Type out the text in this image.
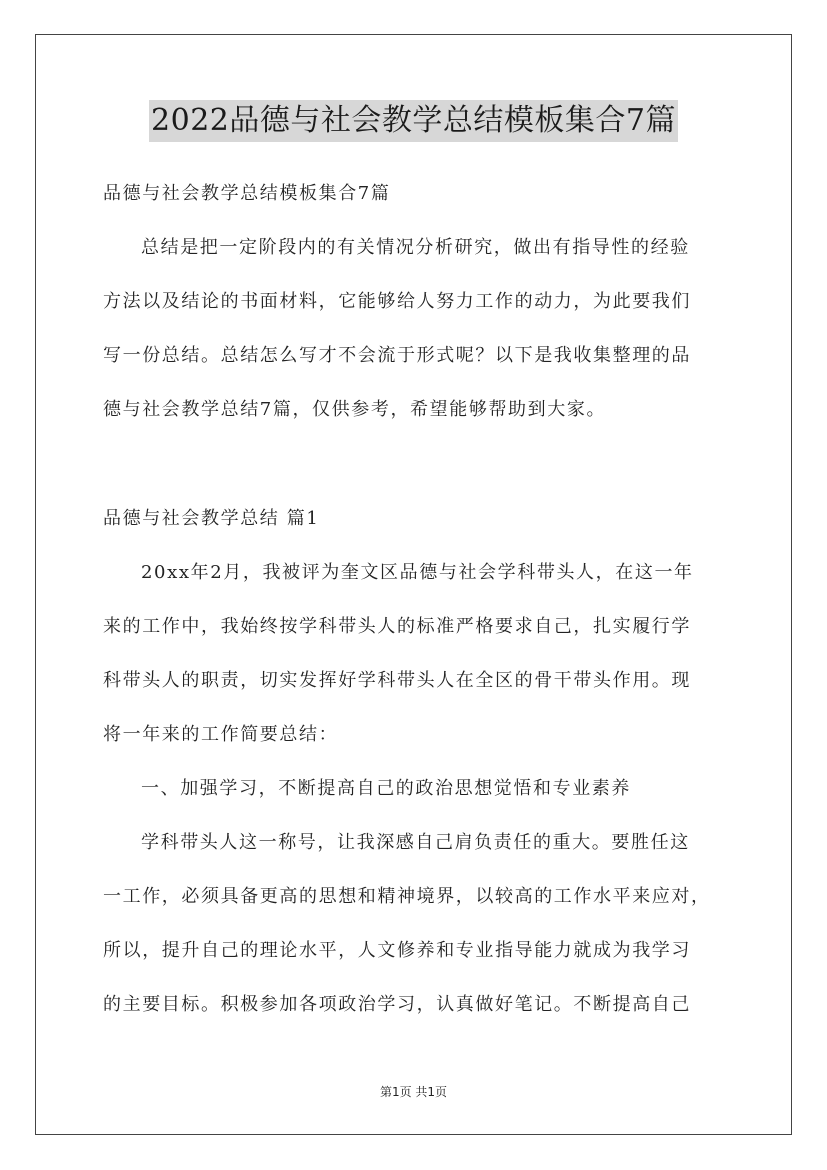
2022品德与社会教学总结模板集合7篇
品德与社会教学总结模板集合7篇
总结是把一定阶段内的有关情况分析研究，做出有指导性的经验
方法以及结论的书面材料，它能够给人努力工作的动力，为此要我们
写一份总结。总结怎么写才不会流于形式呢？以下是我收集整理的品
德与社会教学总结7篇，仅供参考，希望能够帮助到大家。
品德与社会教学总结 篇1
20xx年2月，我被评为奎文区品德与社会学科带头人，在这一年
来的工作中，我始终按学科带头人的标准严格要求自己，扎实履行学
科带头人的职责，切实发挥好学科带头人在全区的骨干带头作用。现
将一年来的工作简要总结：
一、加强学习，不断提高自己的政治思想觉悟和专业素养
学科带头人这一称号，让我深感自己肩负责任的重大。要胜任这
一工作，必须具备更高的思想和精神境界，以较高的工作水平来应对，
所以，提升自己的理论水平，人文修养和专业指导能力就成为我学习
的主要目标。积极参加各项政治学习，认真做好笔记。不断提高自己
第1页 共1页
